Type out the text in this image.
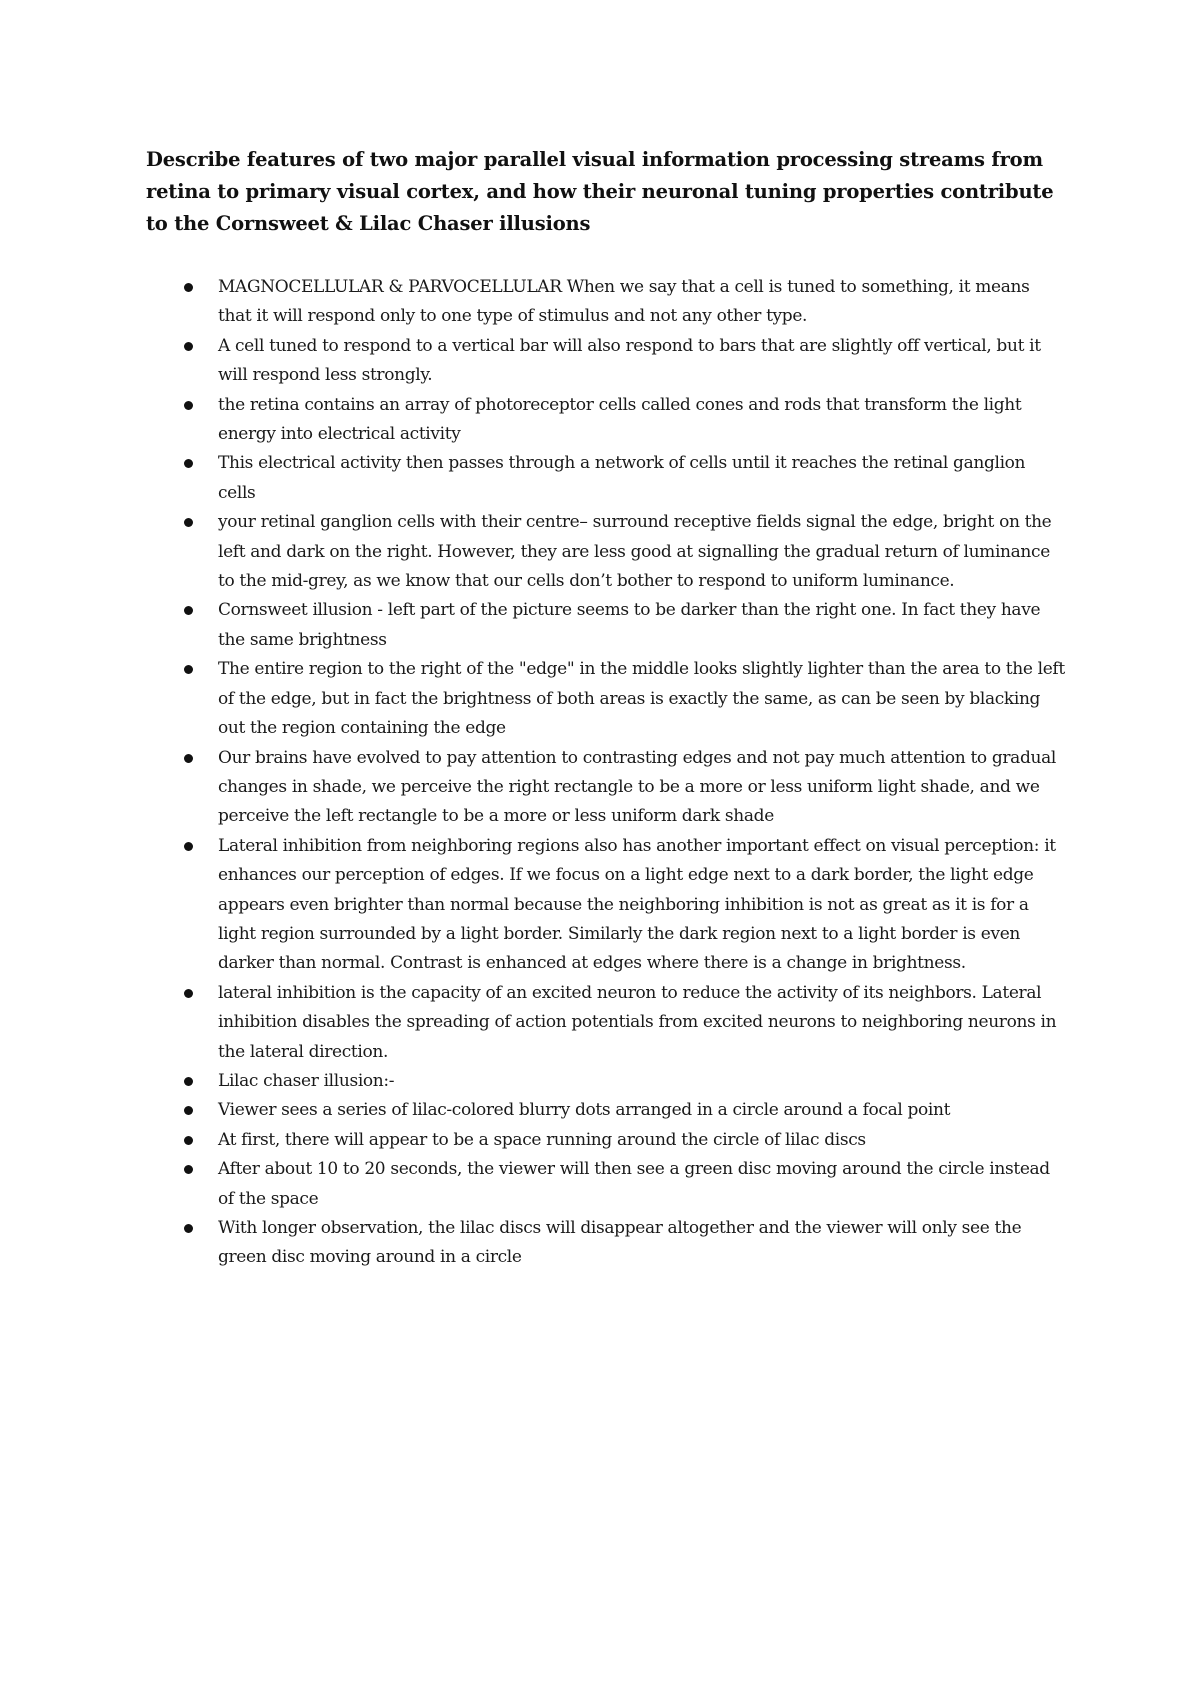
Describe features of two major parallel visual information processing streams from retina to primary visual cortex, and how their neuronal tuning properties contribute to the Cornsweet & Lilac Chaser illusions
MAGNOCELLULAR & PARVOCELLULAR When we say that a cell is tuned to something, it means that it will respond only to one type of stimulus and not any other type.
A cell tuned to respond to a vertical bar will also respond to bars that are slightly off vertical, but it will respond less strongly.
the retina contains an array of photoreceptor cells called cones and rods that transform the light energy into electrical activity
This electrical activity then passes through a network of cells until it reaches the retinal ganglion cells
your retinal ganglion cells with their centre– surround receptive fields signal the edge, bright on the left and dark on the right. However, they are less good at signalling the gradual return of luminance to the mid-grey, as we know that our cells don’t bother to respond to uniform luminance.
Cornsweet illusion - left part of the picture seems to be darker than the right one. In fact they have the same brightness
The entire region to the right of the "edge" in the middle looks slightly lighter than the area to the left of the edge, but in fact the brightness of both areas is exactly the same, as can be seen by blacking out the region containing the edge
Our brains have evolved to pay attention to contrasting edges and not pay much attention to gradual changes in shade, we perceive the right rectangle to be a more or less uniform light shade, and we perceive the left rectangle to be a more or less uniform dark shade
Lateral inhibition from neighboring regions also has another important effect on visual perception: it enhances our perception of edges. If we focus on a light edge next to a dark border, the light edge appears even brighter than normal because the neighboring inhibition is not as great as it is for a light region surrounded by a light border. Similarly the dark region next to a light border is even darker than normal. Contrast is enhanced at edges where there is a change in brightness.
lateral inhibition is the capacity of an excited neuron to reduce the activity of its neighbors. Lateral inhibition disables the spreading of action potentials from excited neurons to neighboring neurons in the lateral direction.
Lilac chaser illusion:-
Viewer sees a series of lilac-colored blurry dots arranged in a circle around a focal point
At first, there will appear to be a space running around the circle of lilac discs
After about 10 to 20 seconds, the viewer will then see a green disc moving around the circle instead of the space
With longer observation, the lilac discs will disappear altogether and the viewer will only see the green disc moving around in a circle
